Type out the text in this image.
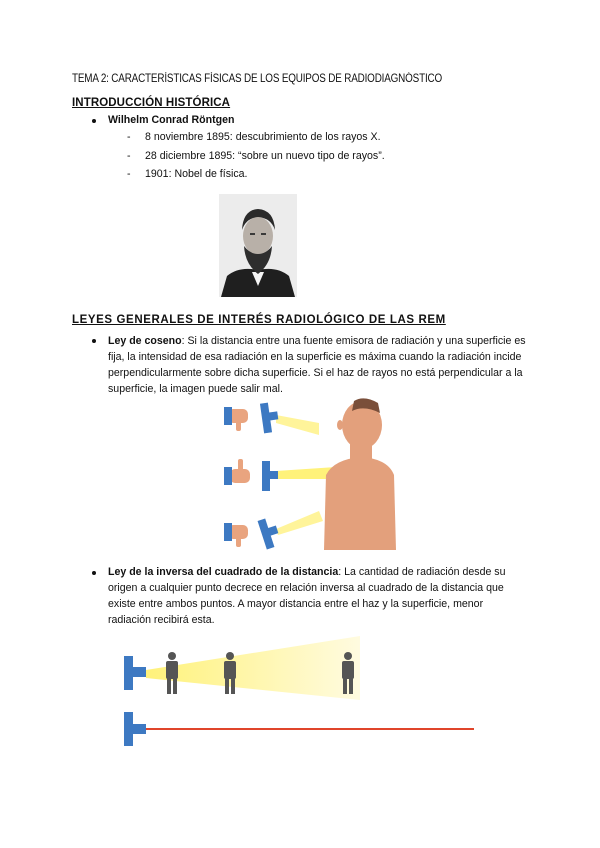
TEMA 2: CARACTERÍSTICAS FÍSICAS DE LOS EQUIPOS DE RADIODIAGNÓSTICO
INTRODUCCIÓN HISTÓRICA
Wilhelm Conrad Röntgen
- 8 noviembre 1895: descubrimiento de los rayos X.
- 28 diciembre 1895: “sobre un nuevo tipo de rayos”.
- 1901: Nobel de física.
LEYES GENERALES DE INTERÉS RADIOLÓGICO DE LAS REM
Ley de coseno: Si la distancia entre una fuente emisora de radiación y una superficie es fija, la intensidad de esa radiación en la superficie es máxima cuando la radiación incide perpendicularmente sobre dicha superficie. Si el haz de rayos no está perpendicular a la superficie, la imagen puede salir mal.
Ley de la inversa del cuadrado de la distancia: La cantidad de radiación desde su origen a cualquier punto decrece en relación inversa al cuadrado de la distancia que existe entre ambos puntos. A mayor distancia entre el haz y la superficie, menor radiación recibirá esta.
